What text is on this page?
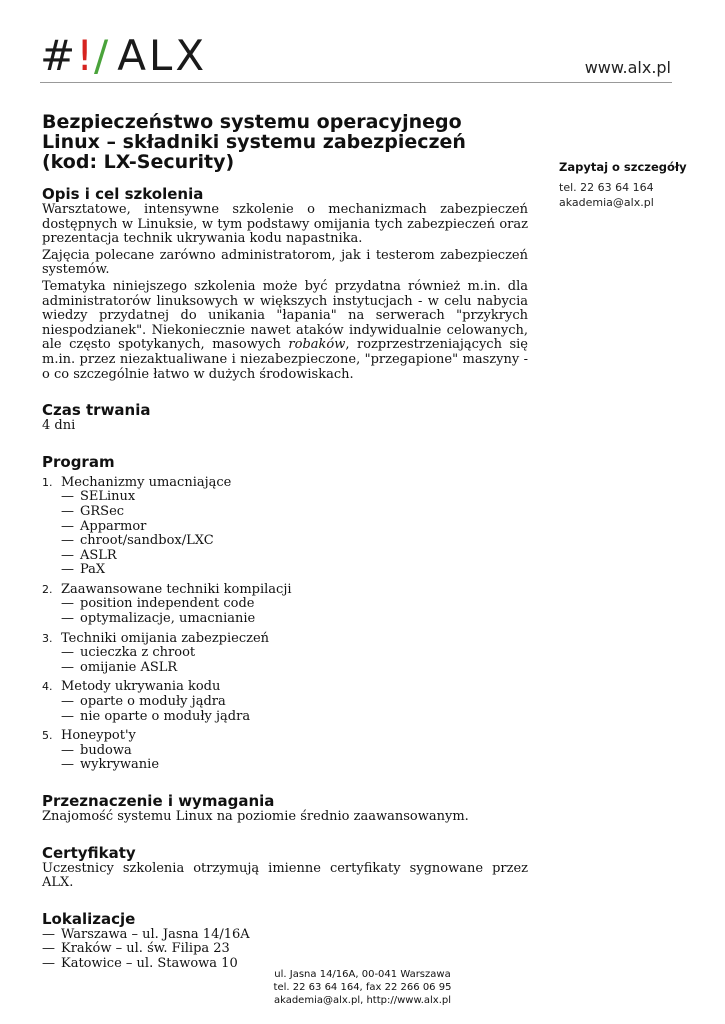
# ! / ALX	www.alx.pl
Zapytaj o szczegóły
tel. 22 63 64 164
akademia@alx.pl
Bezpieczeństwo systemu operacyjnego
Linux – składniki systemu zabezpieczeń
(kod: LX-Security)
Opis i cel szkolenia

Warsztatowe, intensywne szkolenie o mechanizmach zabezpieczeń dostępnych w Linuksie, w tym podstawy omijania tych zabezpieczeń oraz prezentacja technik ukrywania kodu napastnika.

Zajęcia polecane zarówno administratorom, jak i testerom zabezpieczeń systemów.

Tematyka niniejszego szkolenia może być przydatna również m.in. dla administratorów linuksowych w większych instytucjach - w celu nabycia wiedzy przydatnej do unikania "łapania" na serwerach "przykrych niespodzianek". Niekoniecznie nawet ataków indywidualnie celowanych, ale często spotykanych, masowych robaków, rozprzestrzeniających się m.in. przez niezaktualiwane i niezabezpieczone, "przegapione" maszyny - o co szczególnie łatwo w dużych środowiskach.

Czas trwania

4 dni

Program
1. Mechanizmy umacniające
— SELinux
— GRSec
— Apparmor
— chroot/sandbox/LXC
— ASLR
— PaX
2. Zaawansowane techniki kompilacji
— position independent code
— optymalizacje, umacnianie
3. Techniki omijania zabezpieczeń
— ucieczka z chroot
— omijanie ASLR
4. Metody ukrywania kodu
— oparte o moduły jądra
— nie oparte o moduły jądra
5. Honeypot'y
— budowa
— wykrywanie
Przeznaczenie i wymagania

Znajomość systemu Linux na poziomie średnio zaawansowanym.

Certyfikaty

Uczestnicy szkolenia otrzymują imienne certyfikaty sygnowane przez ALX.

Lokalizacje
— Warszawa – ul. Jasna 14/16A
— Kraków – ul. św. Filipa 23
— Katowice – ul. Stawowa 10
ul. Jasna 14/16A, 00-041 Warszawa
tel. 22 63 64 164, fax 22 266 06 95
akademia@alx.pl, http://www.alx.pl
